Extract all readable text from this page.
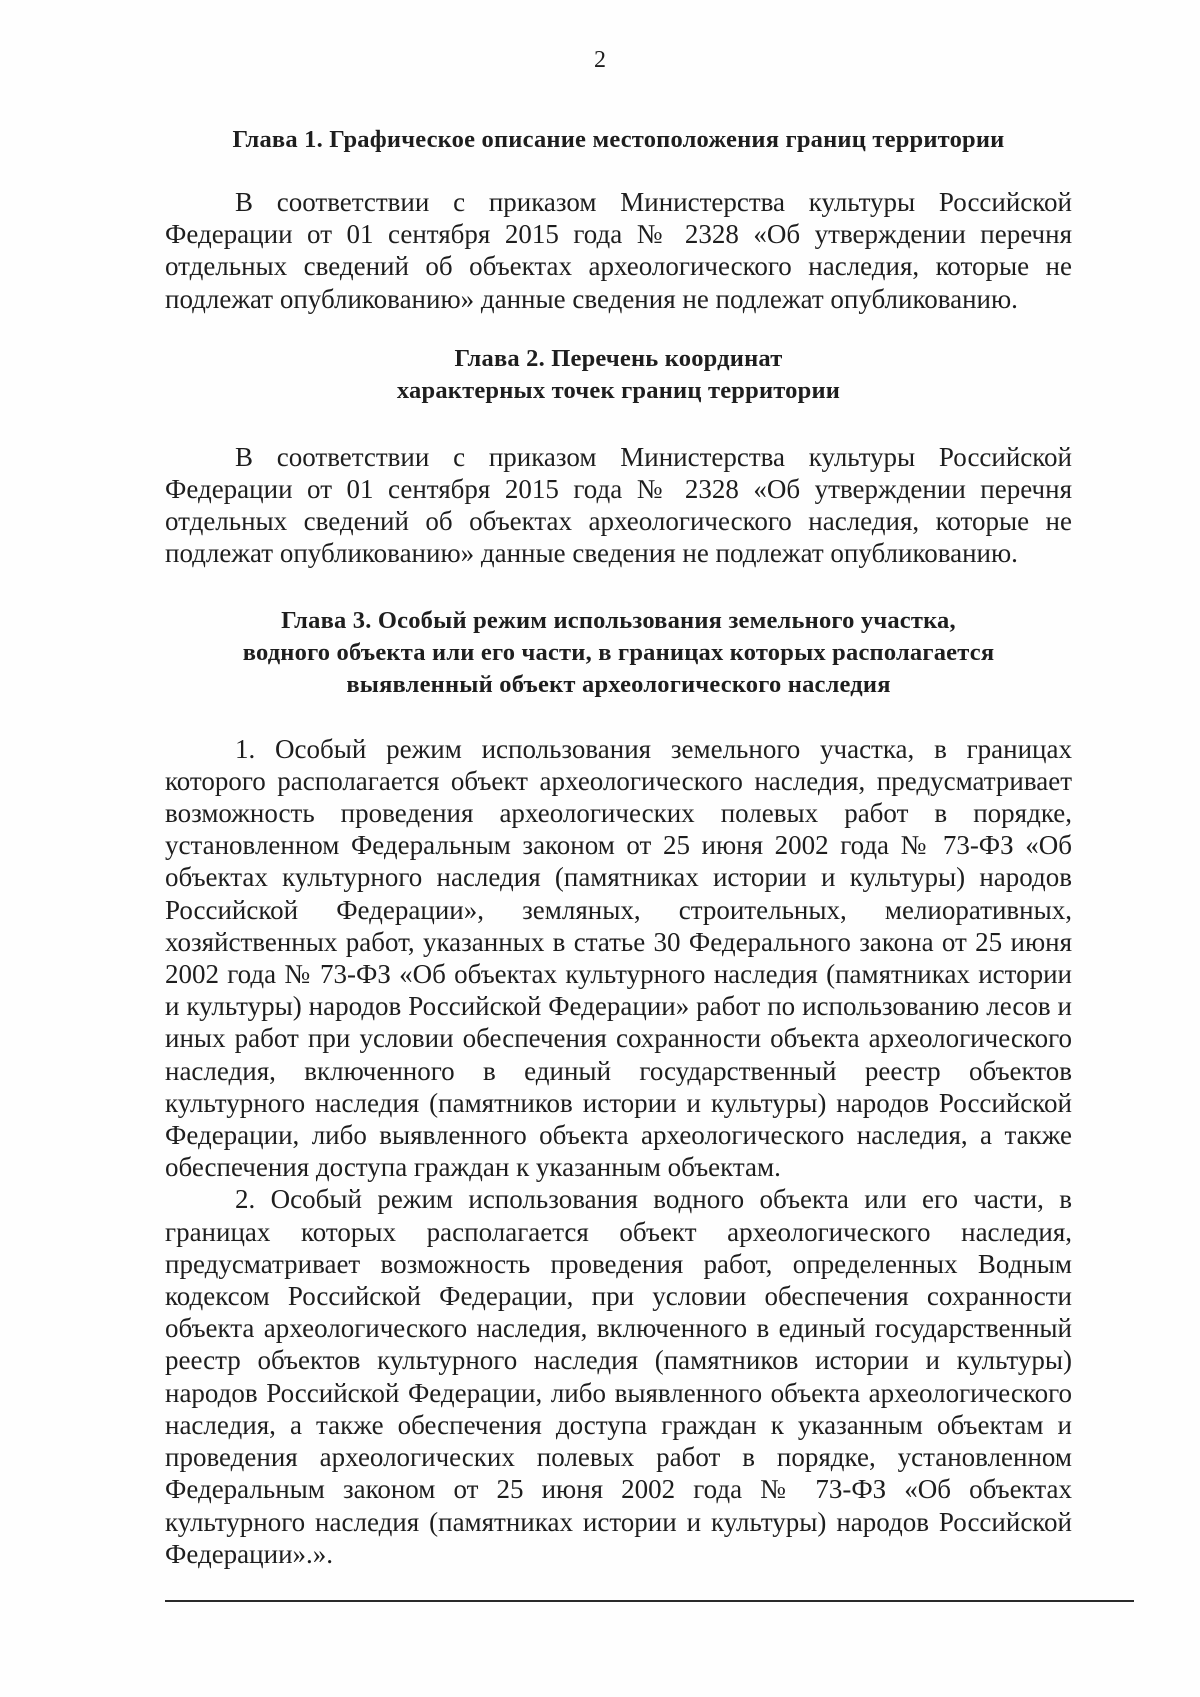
2
Глава 1. Графическое описание местоположения границ территории

В соответствии с приказом Министерства культуры Российской Федерации от 01 сентября 2015 года № 2328 «Об утверждении перечня отдельных сведений об объектах археологического наследия, которые не подлежат опубликованию» данные сведения не подлежат опубликованию.

Глава 2. Перечень координат
характерных точек границ территории

В соответствии с приказом Министерства культуры Российской Федерации от 01 сентября 2015 года № 2328 «Об утверждении перечня отдельных сведений об объектах археологического наследия, которые не подлежат опубликованию» данные сведения не подлежат опубликованию.

Глава 3. Особый режим использования земельного участка,
водного объекта или его части, в границах которых располагается
выявленный объект археологического наследия

1. Особый режим использования земельного участка, в границах которого располагается объект археологического наследия, предусматривает возможность проведения археологических полевых работ в порядке, установленном Федеральным законом от 25 июня 2002 года № 73-ФЗ «Об объектах культурного наследия (памятниках истории и культуры) народов Российской Федерации», земляных, строительных, мелиоративных, хозяйственных работ, указанных в статье 30 Федерального закона от 25 июня 2002 года № 73-ФЗ «Об объектах культурного наследия (памятниках истории и культуры) народов Российской Федерации» работ по использованию лесов и иных работ при условии обеспечения сохранности объекта археологического наследия, включенного в единый государственный реестр объектов культурного наследия (памятников истории и культуры) народов Российской Федерации, либо выявленного объекта археологического наследия, а также обеспечения доступа граждан к указанным объектам.

2. Особый режим использования водного объекта или его части, в границах которых располагается объект археологического наследия, предусматривает возможность проведения работ, определенных Водным кодексом Российской Федерации, при условии обеспечения сохранности объекта археологического наследия, включенного в единый государственный реестр объектов культурного наследия (памятников истории и культуры) народов Российской Федерации, либо выявленного объекта археологического наследия, а также обеспечения доступа граждан к указанным объектам и проведения археологических полевых работ в порядке, установленном Федеральным законом от 25 июня 2002 года № 73-ФЗ «Об объектах культурного наследия (памятниках истории и культуры) народов Российской Федерации».».
